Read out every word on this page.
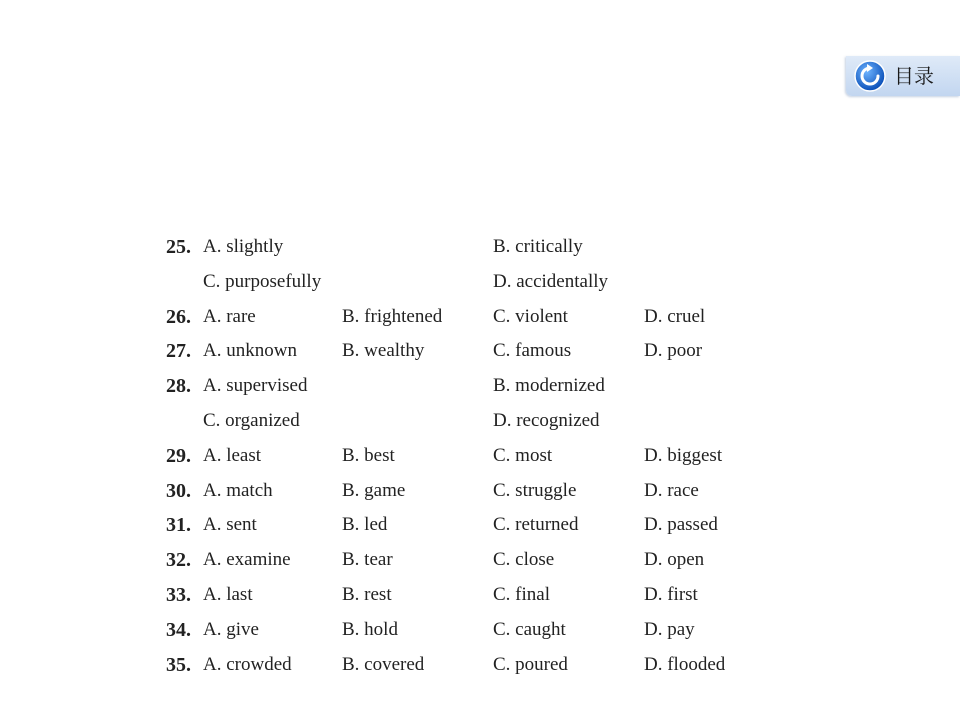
目录
25. A. slightly	B. critically
C. purposefully	D. accidentally
26. A. rare	B. frightened	C. violent	D. cruel
27. A. unknown B. wealthy	C. famous	D. poor
28. A. supervised	B. modernized
C. organized	D. recognized
29. A. least	B. best	C. most	D. biggest
30. A. match	B. game	C. struggle	D. race
31. A. sent	B. led	C. returned	D. passed
32. A. examine	B. tear	C. close	D. open
33. A. last	B. rest	C. final	D. first
34. A. give	B. hold	C. caught	D. pay
35. A. crowded	B. covered	C. poured	D. flooded
